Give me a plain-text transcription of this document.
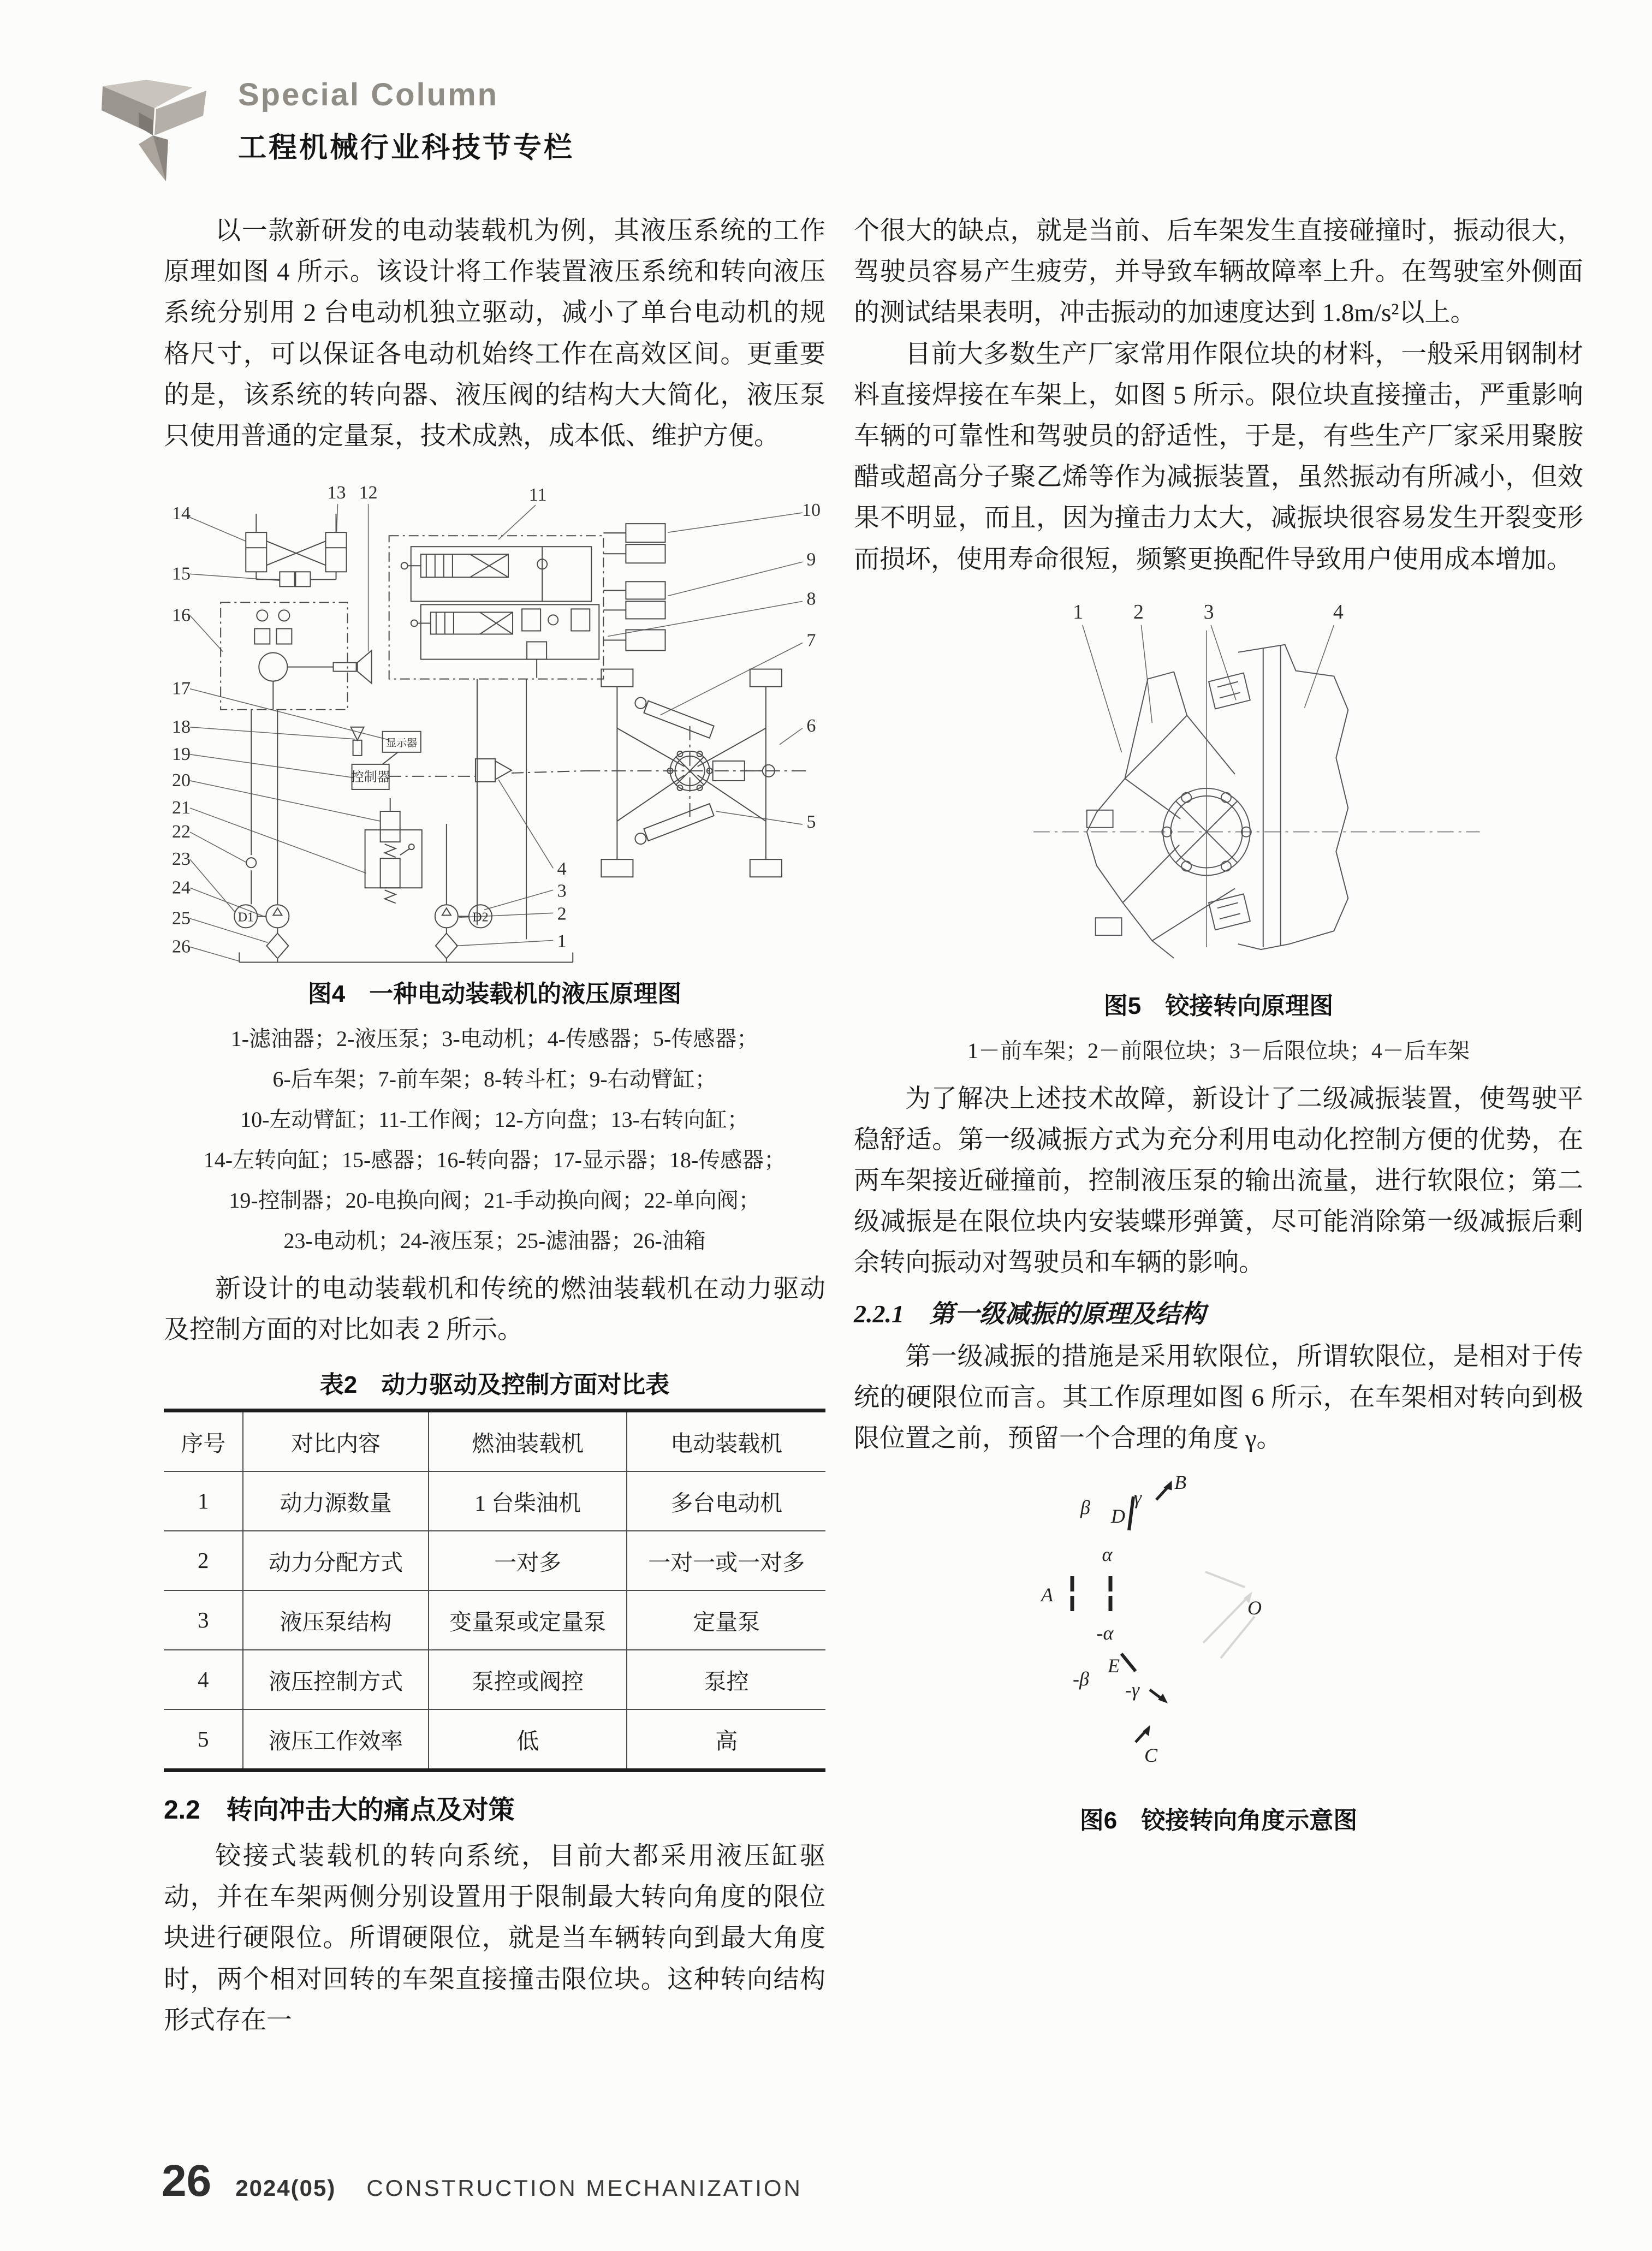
Special Column
工程机械行业科技节专栏

以一款新研发的电动装载机为例，其液压系统的工作原理如图 4 所示。该设计将工作装置液压系统和转向液压系统分别用 2 台电动机独立驱动，减小了单台电动机的规格尺寸，可以保证各电动机始终工作在高效区间。更重要的是，该系统的转向器、液压阀的结构大大简化，液压泵只使用普通的定量泵，技术成熟，成本低、维护方便。

14
13 12	11
10
9
8
7
6
5
4
3
2
1
15
16
17
18
19
20
21
22
23
24
25
26
显示器
控制器
D1	D2
图4　一种电动装载机的液压原理图
1-滤油器；2-液压泵；3-电动机；4-传感器；5-传感器；
6-后车架；7-前车架；8-转斗杠；9-右动臂缸；
10-左动臂缸；11-工作阀；12-方向盘；13-右转向缸；
14-左转向缸；15-感器；16-转向器；17-显示器；18-传感器；
19-控制器；20-电换向阀；21-手动换向阀；22-单向阀；
23-电动机；24-液压泵；25-滤油器；26-油箱

新设计的电动装载机和传统的燃油装载机在动力驱动及控制方面的对比如表 2 所示。

表2　动力驱动及控制方面对比表
序号	对比内容	燃油装载机	电动装载机
1	动力源数量	1 台柴油机	多台电动机
2	动力分配方式	一对多	一对一或一对多
3	液压泵结构	变量泵或定量泵	定量泵
4	液压控制方式	泵控或阀控	泵控
5	液压工作效率	低	高
2.2　转向冲击大的痛点及对策

铰接式装载机的转向系统，目前大都采用液压缸驱动，并在车架两侧分别设置用于限制最大转向角度的限位块进行硬限位。所谓硬限位，就是当车辆转向到最大角度时，两个相对回转的车架直接撞击限位块。这种转向结构形式存在一

个很大的缺点，就是当前、后车架发生直接碰撞时，振动很大，驾驶员容易产生疲劳，并导致车辆故障率上升。在驾驶室外侧面的测试结果表明，冲击振动的加速度达到 1.8m/s²以上。

目前大多数生产厂家常用作限位块的材料，一般采用钢制材料直接焊接在车架上，如图 5 所示。限位块直接撞击，严重影响车辆的可靠性和驾驶员的舒适性，于是，有些生产厂家采用聚胺醋或超高分子聚乙烯等作为减振装置，虽然振动有所减小，但效果不明显，而且，因为撞击力太大，减振块很容易发生开裂变形而损坏，使用寿命很短，频繁更换配件导致用户使用成本增加。

1 2	3	4
图5　铰接转向原理图
1－前车架；2－前限位块；3－后限位块；4－后车架

为了解决上述技术故障，新设计了二级减振装置，使驾驶平稳舒适。第一级减振方式为充分利用电动化控制方便的优势，在两车架接近碰撞前，控制液压泵的输出流量，进行软限位；第二级减振是在限位块内安装蝶形弹簧，尽可能消除第一级减振后剩余转向振动对驾驶员和车辆的影响。

2.2.1　第一级减振的原理及结构

第一级减振的措施是采用软限位，所谓软限位，是相对于传统的硬限位而言。其工作原理如图 6 所示，在车架相对转向到极限位置之前，预留一个合理的角度 γ。

B
γ
β D
α
A
O
-α
E
-β -γ
C
图6　铰接转向角度示意图
26 2024(05) CONSTRUCTION MECHANIZATION
